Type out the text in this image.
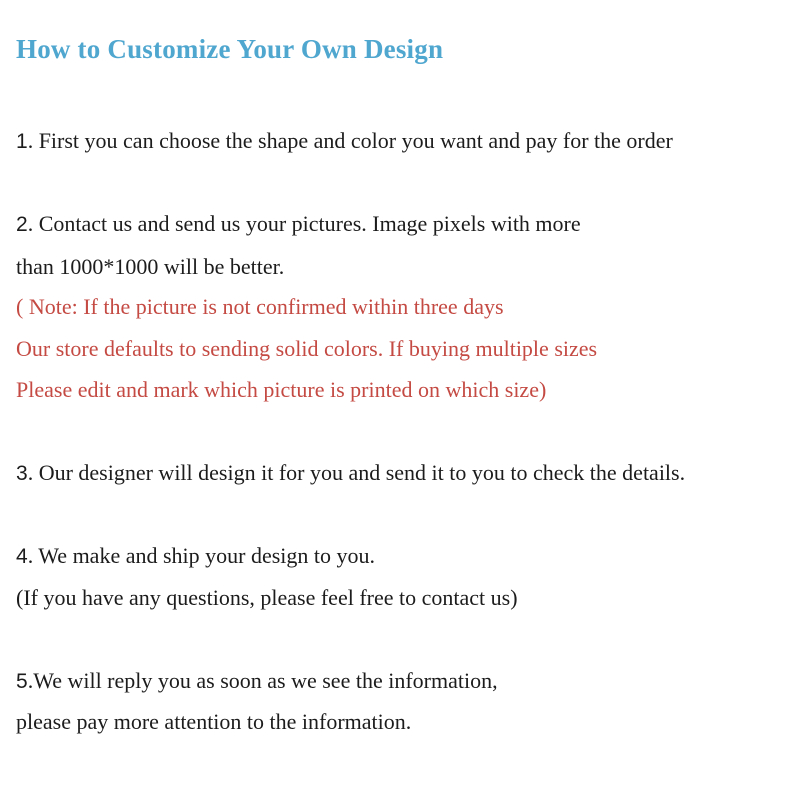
How to Customize Your Own Design
1. First you can choose the shape and color you want and pay for the order
2. Contact us and send us your pictures. Image pixels with more
than 1000*1000 will be better.
( Note: If the picture is not confirmed within three days
Our store defaults to sending solid colors. If buying multiple sizes
Please edit and mark which picture is printed on which size)
3. Our designer will design it for you and send it to you to check the details.
4. We make and ship your design to you.
(If you have any questions, please feel free to contact us)
5.We will reply you as soon as we see the information,
please pay more attention to the information.
